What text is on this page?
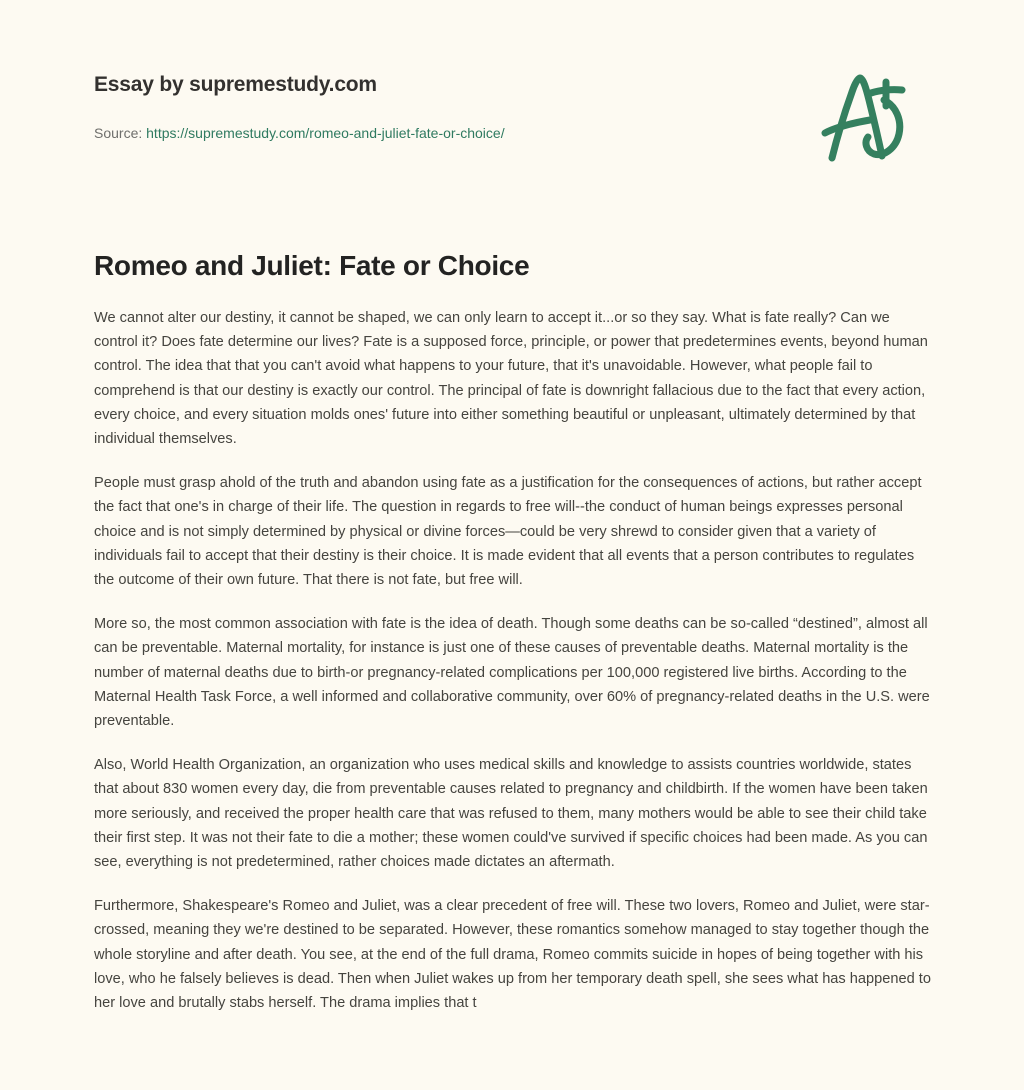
Essay by supremestudy.com
Source: https://supremestudy.com/romeo-and-juliet-fate-or-choice/
Romeo and Juliet: Fate or Choice

We cannot alter our destiny, it cannot be shaped, we can only learn to accept it...or so they say. What is fate really? Can we control it? Does fate determine our lives? Fate is a supposed force, principle, or power that predetermines events, beyond human control. The idea that that you can't avoid what happens to your future, that it's unavoidable. However, what people fail to comprehend is that our destiny is exactly our control. The principal of fate is downright fallacious due to the fact that every action, every choice, and every situation molds ones' future into either something beautiful or unpleasant, ultimately determined by that individual themselves.

People must grasp ahold of the truth and abandon using fate as a justification for the consequences of actions, but rather accept the fact that one's in charge of their life. The question in regards to free will--the conduct of human beings expresses personal choice and is not simply determined by physical or divine forces—could be very shrewd to consider given that a variety of individuals fail to accept that their destiny is their choice. It is made evident that all events that a person contributes to regulates the outcome of their own future. That there is not fate, but free will.

More so, the most common association with fate is the idea of death. Though some deaths can be so-called “destined”, almost all can be preventable. Maternal mortality, for instance is just one of these causes of preventable deaths. Maternal mortality is the number of maternal deaths due to birth-or pregnancy-related complications per 100,000 registered live births. According to the Maternal Health Task Force, a well informed and collaborative community, over 60% of pregnancy-related deaths in the U.S. were preventable.

Also, World Health Organization, an organization who uses medical skills and knowledge to assists countries worldwide, states that about 830 women every day, die from preventable causes related to pregnancy and childbirth. If the women have been taken more seriously, and received the proper health care that was refused to them, many mothers would be able to see their child take their first step. It was not their fate to die a mother; these women could've survived if specific choices had been made. As you can see, everything is not predetermined, rather choices made dictates an aftermath.

Furthermore, Shakespeare's Romeo and Juliet, was a clear precedent of free will. These two lovers, Romeo and Juliet, were star-crossed, meaning they we're destined to be separated. However, these romantics somehow managed to stay together though the whole storyline and after death. You see, at the end of the full drama, Romeo commits suicide in hopes of being together with his love, who he falsely believes is dead. Then when Juliet wakes up from her temporary death spell, she sees what has happened to her love and brutally stabs herself. The drama implies that t
